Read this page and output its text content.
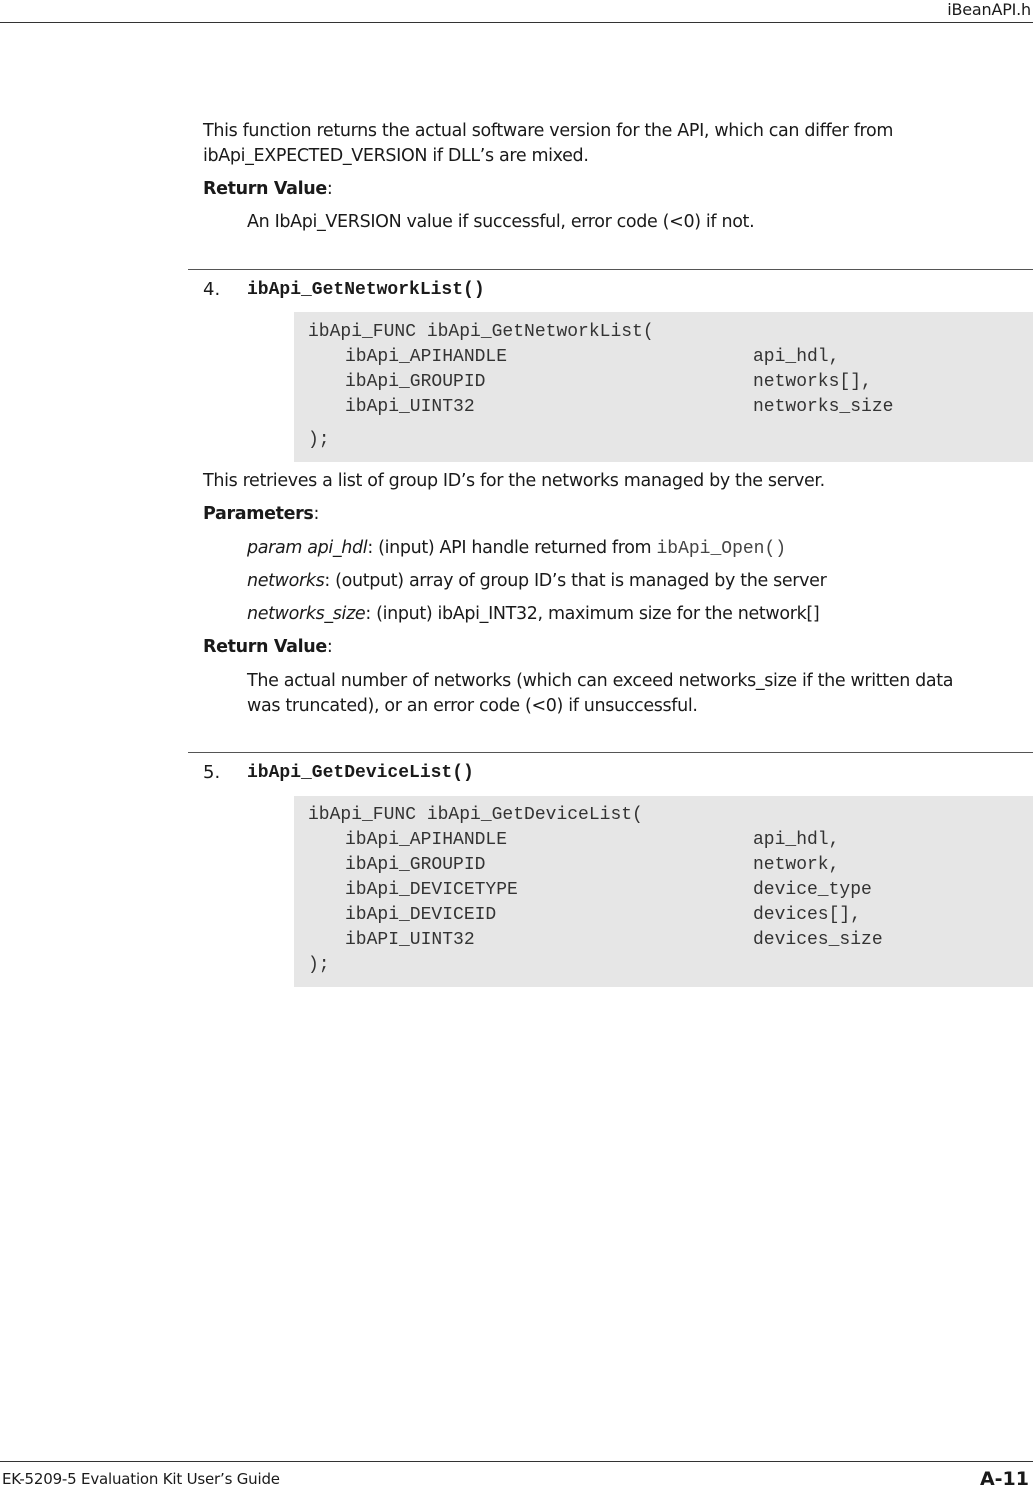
iBeanAPI.h
This function returns the actual software version for the API, which can differ from
ibApi_EXPECTED_VERSION if DLL’s are mixed.
Return Value:
An IbApi_VERSION value if successful, error code (<0) if not.
4. ibApi_GetNetworkList()
ibApi_FUNC ibApi_GetNetworkList(
ibApi_APIHANDLE	api_hdl,
ibApi_GROUPID	networks[],
ibApi_UINT32	networks_size
);
This retrieves a list of group ID’s for the networks managed by the server.
Parameters:
param api_hdl: (input) API handle returned from ibApi_Open()
networks: (output) array of group ID’s that is managed by the server
networks_size: (input) ibApi_INT32, maximum size for the network[]
Return Value:
The actual number of networks (which can exceed networks_size if the written data
was truncated), or an error code (<0) if unsuccessful.
5. ibApi_GetDeviceList()
ibApi_FUNC ibApi_GetDeviceList(
ibApi_APIHANDLE	api_hdl,
ibApi_GROUPID	network,
ibApi_DEVICETYPE	device_type
ibApi_DEVICEID	devices[],
ibAPI_UINT32	devices_size
);
EK-5209-5 Evaluation Kit User’s Guide	A-11
